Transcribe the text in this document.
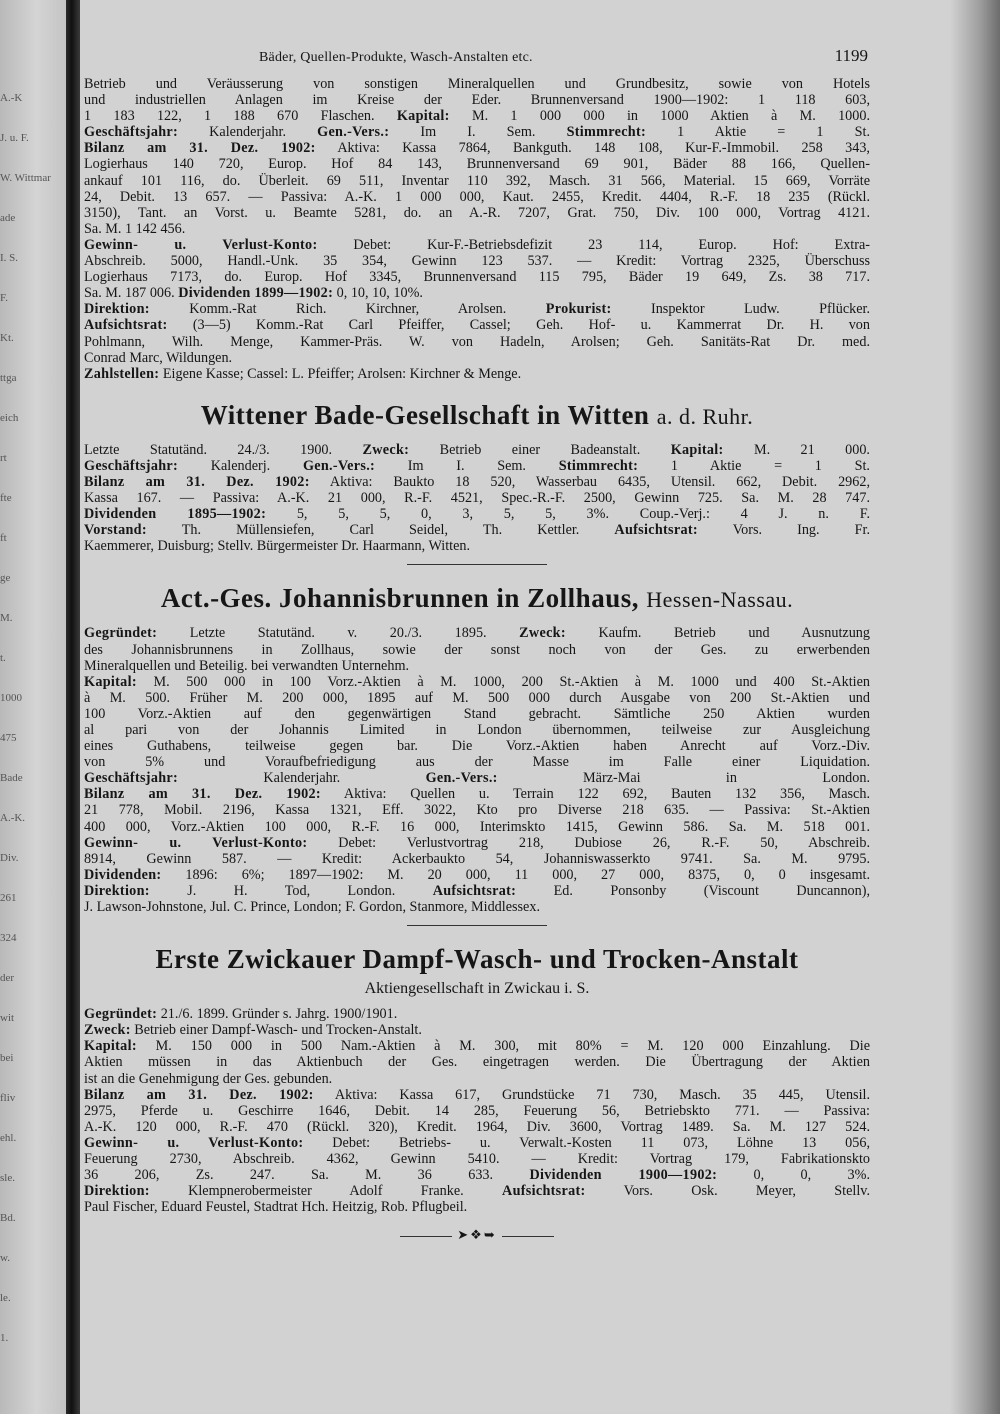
A.-K
J. u. F.
W. Wittmar
ade
I. S.
F.
Kt.
ttga
eich
rt
fte
ft
ge
M.
t.
1000
475
Bade
A.-K.
Div.
261
324
der
wit
bei
fliv
ehl.
sle.
Bd.
w.
le.
1.
Bäder, Quellen-Produkte, Wasch-Anstalten etc.	1199
Betrieb und Veräusserung von sonstigen Mineralquellen und Grundbesitz, sowie von Hotels
und industriellen Anlagen im Kreise der Eder. Brunnenversand 1900—1902: 1 118 603,
1 183 122, 1 188 670 Flaschen. Kapital: M. 1 000 000 in 1000 Aktien à M. 1000.
Geschäftsjahr: Kalenderjahr. Gen.-Vers.: Im I. Sem. Stimmrecht: 1 Aktie = 1 St.
Bilanz am 31. Dez. 1902: Aktiva: Kassa 7864, Bankguth. 148 108, Kur-F.-Immobil. 258 343,
Logierhaus 140 720, Europ. Hof 84 143, Brunnenversand 69 901, Bäder 88 166, Quellen-
ankauf 101 116, do. Überleit. 69 511, Inventar 110 392, Masch. 31 566, Material. 15 669, Vorräte
24, Debit. 13 657. — Passiva: A.-K. 1 000 000, Kaut. 2455, Kredit. 4404, R.-F. 18 235 (Rückl.
3150), Tant. an Vorst. u. Beamte 5281, do. an A.-R. 7207, Grat. 750, Div. 100 000, Vortrag 4121.
Sa. M. 1 142 456.
Gewinn- u. Verlust-Konto: Debet: Kur-F.-Betriebsdefizit 23 114, Europ. Hof: Extra-
Abschreib. 5000, Handl.-Unk. 35 354, Gewinn 123 537. — Kredit: Vortrag 2325, Überschuss
Logierhaus 7173, do. Europ. Hof 3345, Brunnenversand 115 795, Bäder 19 649, Zs. 38 717.
Sa. M. 187 006. Dividenden 1899—1902: 0, 10, 10, 10%.
Direktion: Komm.-Rat Rich. Kirchner, Arolsen. Prokurist: Inspektor Ludw. Pflücker.
Aufsichtsrat: (3—5) Komm.-Rat Carl Pfeiffer, Cassel; Geh. Hof- u. Kammerrat Dr. H. von
Pohlmann, Wilh. Menge, Kammer-Präs. W. von Hadeln, Arolsen; Geh. Sanitäts-Rat Dr. med.
Conrad Marc, Wildungen.
Zahlstellen: Eigene Kasse; Cassel: L. Pfeiffer; Arolsen: Kirchner & Menge.
Wittener Bade-Gesellschaft in Witten a. d. Ruhr.
Letzte Statutänd. 24./3. 1900. Zweck: Betrieb einer Badeanstalt. Kapital: M. 21 000.
Geschäftsjahr: Kalenderj. Gen.-Vers.: Im I. Sem. Stimmrecht: 1 Aktie = 1 St.
Bilanz am 31. Dez. 1902: Aktiva: Baukto 18 520, Wasserbau 6435, Utensil. 662, Debit. 2962,
Kassa 167. — Passiva: A.-K. 21 000, R.-F. 4521, Spec.-R.-F. 2500, Gewinn 725. Sa. M. 28 747.
Dividenden 1895—1902: 5, 5, 5, 0, 3, 5, 5, 3%. Coup.-Verj.: 4 J. n. F.
Vorstand: Th. Müllensiefen, Carl Seidel, Th. Kettler. Aufsichtsrat: Vors. Ing. Fr.
Kaemmerer, Duisburg; Stellv. Bürgermeister Dr. Haarmann, Witten.
Act.-Ges. Johannisbrunnen in Zollhaus, Hessen-Nassau.
Gegründet: Letzte Statutänd. v. 20./3. 1895. Zweck: Kaufm. Betrieb und Ausnutzung
des Johannisbrunnens in Zollhaus, sowie der sonst noch von der Ges. zu erwerbenden
Mineralquellen und Beteilig. bei verwandten Unternehm.
Kapital: M. 500 000 in 100 Vorz.-Aktien à M. 1000, 200 St.-Aktien à M. 1000 und 400 St.-Aktien
à M. 500. Früher M. 200 000, 1895 auf M. 500 000 durch Ausgabe von 200 St.-Aktien und
100 Vorz.-Aktien auf den gegenwärtigen Stand gebracht. Sämtliche 250 Aktien wurden
al pari von der Johannis Limited in London übernommen, teilweise zur Ausgleichung
eines Guthabens, teilweise gegen bar. Die Vorz.-Aktien haben Anrecht auf Vorz.-Div.
von 5% und Voraufbefriedigung aus der Masse im Falle einer Liquidation.
Geschäftsjahr: Kalenderjahr. Gen.-Vers.: März-Mai in London.
Bilanz am 31. Dez. 1902: Aktiva: Quellen u. Terrain 122 692, Bauten 132 356, Masch.
21 778, Mobil. 2196, Kassa 1321, Eff. 3022, Kto pro Diverse 218 635. — Passiva: St.-Aktien
400 000, Vorz.-Aktien 100 000, R.-F. 16 000, Interimskto 1415, Gewinn 586. Sa. M. 518 001.
Gewinn- u. Verlust-Konto: Debet: Verlustvortrag 218, Dubiose 26, R.-F. 50, Abschreib.
8914, Gewinn 587. — Kredit: Ackerbaukto 54, Johanniswasserkto 9741. Sa. M. 9795.
Dividenden: 1896: 6%; 1897—1902: M. 20 000, 11 000, 27 000, 8375, 0, 0 insgesamt.
Direktion: J. H. Tod, London. Aufsichtsrat: Ed. Ponsonby (Viscount Duncannon),
J. Lawson-Johnstone, Jul. C. Prince, London; F. Gordon, Stanmore, Middlessex.
Erste Zwickauer Dampf-Wasch- und Trocken-Anstalt
Aktiengesellschaft in Zwickau i. S.
Gegründet: 21./6. 1899. Gründer s. Jahrg. 1900/1901.
Zweck: Betrieb einer Dampf-Wasch- und Trocken-Anstalt.
Kapital: M. 150 000 in 500 Nam.-Aktien à M. 300, mit 80% = M. 120 000 Einzahlung. Die
Aktien müssen in das Aktienbuch der Ges. eingetragen werden. Die Übertragung der Aktien
ist an die Genehmigung der Ges. gebunden.
Bilanz am 31. Dez. 1902: Aktiva: Kassa 617, Grundstücke 71 730, Masch. 35 445, Utensil.
2975, Pferde u. Geschirre 1646, Debit. 14 285, Feuerung 56, Betriebskto 771. — Passiva:
A.-K. 120 000, R.-F. 470 (Rückl. 320), Kredit. 1964, Div. 3600, Vortrag 1489. Sa. M. 127 524.
Gewinn- u. Verlust-Konto: Debet: Betriebs- u. Verwalt.-Kosten 11 073, Löhne 13 056,
Feuerung 2730, Abschreib. 4362, Gewinn 5410. — Kredit: Vortrag 179, Fabrikationskto
36 206, Zs. 247. Sa. M. 36 633. Dividenden 1900—1902: 0, 0, 3%.
Direktion: Klempnerobermeister Adolf Franke. Aufsichtsrat: Vors. Osk. Meyer, Stellv.
Paul Fischer, Eduard Feustel, Stadtrat Hch. Heitzig, Rob. Pflugbeil.
➤❖➥
